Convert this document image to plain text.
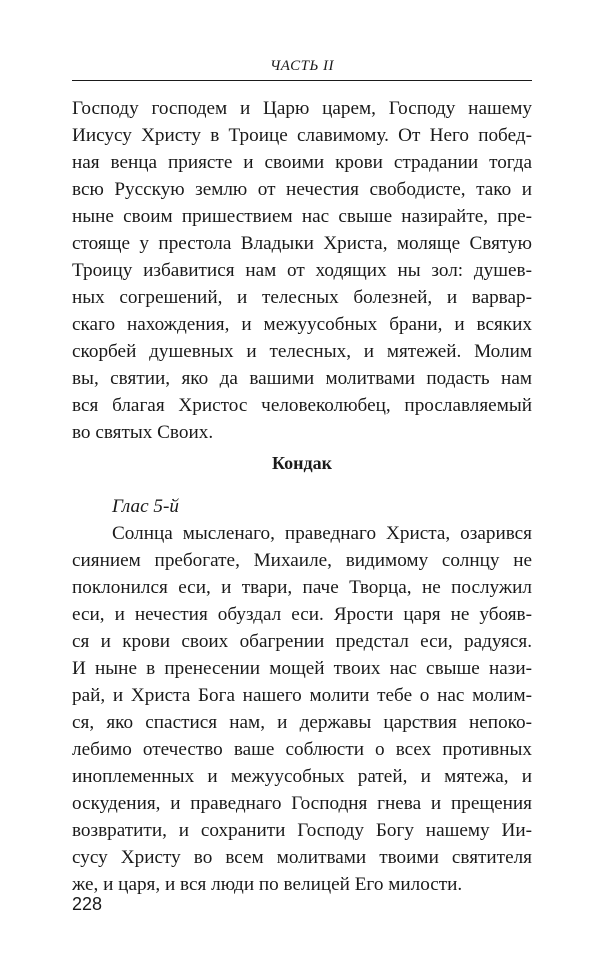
ЧАСТЬ II
Господу господем и Царю царем, Господу нашему
Иисусу Христу в Троице славимому. От Него побед-
ная венца приясте и своими крови страдании тогда
всю Русскую землю от нечестия свободисте, тако и
ныне своим пришествием нас свыше назирайте, пре-
стояще у престола Владыки Христа, моляще Святую
Троицу избавитися нам от ходящих ны зол: душев-
ных согрешений, и телесных болезней, и варвар-
скаго нахождения, и межуусобных брани, и всяких
скорбей душевных и телесных, и мятежей. Молим
вы, святии, яко да вашими молитвами подасть нам
вся благая Христос человеколюбец, прославляемый
во святых Своих.
Кондак
Глас 5-й
Солнца мысленаго, праведнаго Христа, озарився
сиянием пребогате, Михаиле, видимому солнцу не
поклонился еси, и твари, паче Творца, не послужил
еси, и нечестия обуздал еси. Ярости царя не убояв-
ся и крови своих обагрении предстал еси, радуяся.
И ныне в пренесении мощей твоих нас свыше нази-
рай, и Христа Бога нашего молити тебе о нас молим-
ся, яко спастися нам, и державы царствия непоко-
лебимо отечество ваше соблюсти о всех противных
иноплеменных и межуусобных ратей, и мятежа, и
оскудения, и праведнаго Господня гнева и прещения
возвратити, и сохранити Господу Богу нашему Ии-
сусу Христу во всем молитвами твоими святителя
же, и царя, и вся люди по велицей Его милости.
228
